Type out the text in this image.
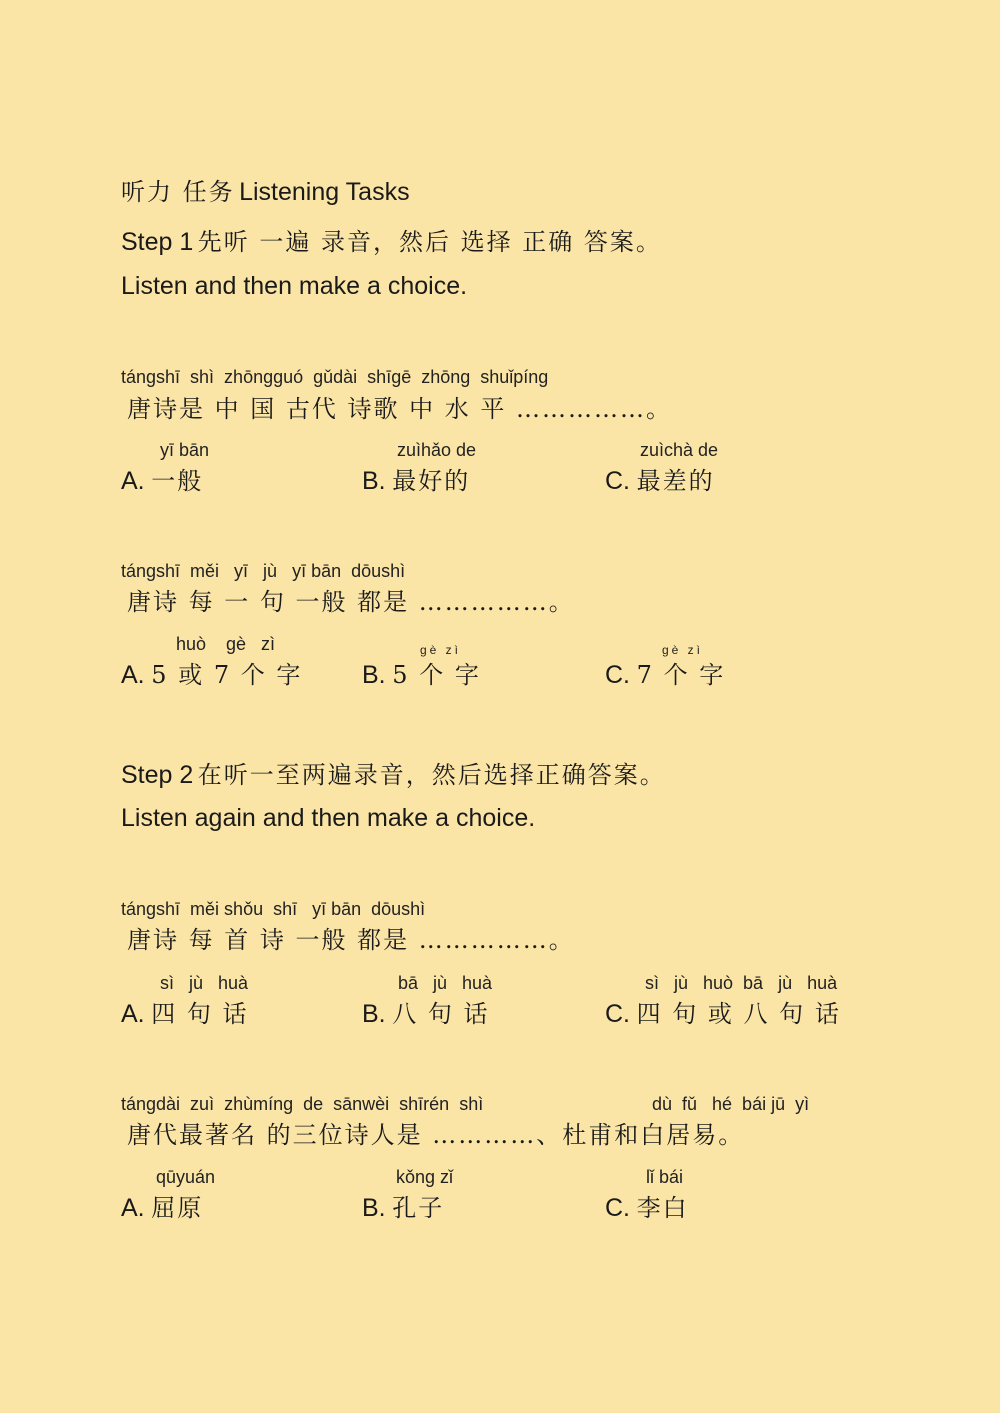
听力 任务 Listening Tasks
Step 1 先听 一遍 录音，然后 选择 正确 答案。
Listen and then make a choice.
tángshī  shì  zhōngguó  gǔdài  shīgē  zhōng  shuǐpíng
唐诗是 中 国 古代 诗歌 中 水 平 ……………。
yī bān
A. 一般
zuìhǎo de
B. 最好的
zuìchà de
C. 最差的
tángshī  měi   yī   jù   yī bān  dōushì
唐诗 每 一 句 一般 都是 ……………。
huò    gè   zì
A. 5 或 7 个 字
gè zì
B. 5 个 字
gè zì
C. 7 个 字
Step 2 在听一至两遍录音，然后选择正确答案。
Listen again and then make a choice.
tángshī  měi shǒu  shī   yī bān  dōushì
唐诗 每 首 诗 一般 都是 ……………。
sì   jù   huà
A. 四 句 话
bā   jù   huà
B. 八 句 话
sì   jù   huò  bā   jù   huà
C. 四 句 或 八 句 话
tángdài  zuì  zhùmíng  de  sānwèi  shīrén  shì	dù  fǔ   hé  bái jū  yì
唐代最著名 的三位诗人是 …………、杜甫和白居易。
qūyuán
A. 屈原
kǒng zǐ
B. 孔子
lǐ bái
C. 李白
